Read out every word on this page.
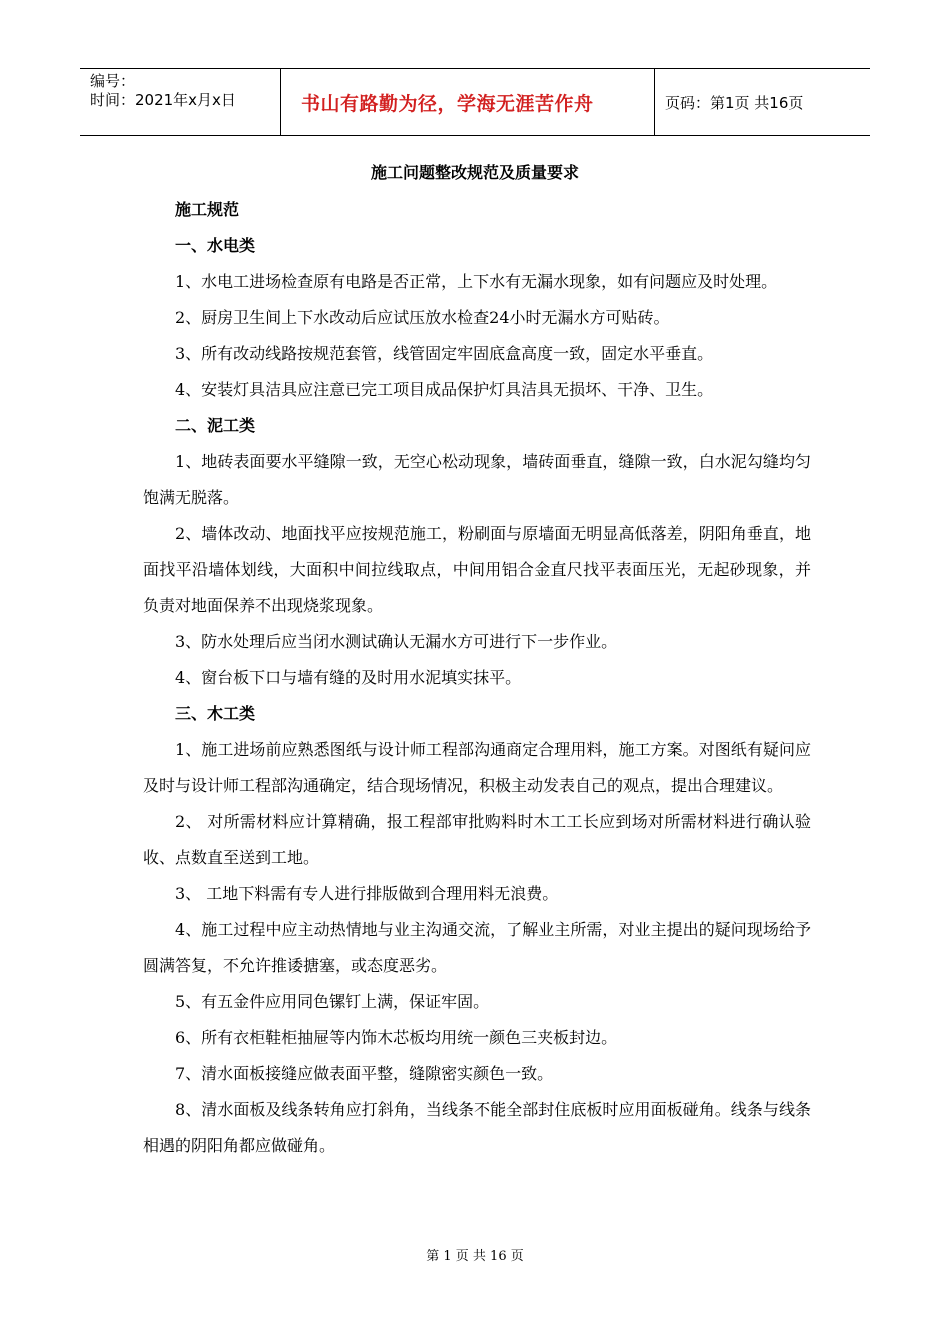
编号：
时间：2021年x月x日	书山有路勤为径，学海无涯苦作舟	页码：第1页 共16页
施工问题整改规范及质量要求

施工规范

一、水电类

1、水电工进场检查原有电路是否正常，上下水有无漏水现象，如有问题应及时处理。

2、厨房卫生间上下水改动后应试压放水检查24小时无漏水方可贴砖。

3、所有改动线路按规范套管，线管固定牢固底盒高度一致，固定水平垂直。

4、安装灯具洁具应注意已完工项目成品保护灯具洁具无损坏、干净、卫生。

二、泥工类

1、地砖表面要水平缝隙一致，无空心松动现象，墙砖面垂直，缝隙一致，白水泥勾缝均匀饱满无脱落。

2、墙体改动、地面找平应按规范施工，粉刷面与原墙面无明显高低落差，阴阳角垂直，地面找平沿墙体划线，大面积中间拉线取点，中间用铝合金直尺找平表面压光，无起砂现象，并负责对地面保养不出现烧浆现象。

3、防水处理后应当闭水测试确认无漏水方可进行下一步作业。

4、窗台板下口与墙有缝的及时用水泥填实抹平。

三、木工类

1、施工进场前应熟悉图纸与设计师工程部沟通商定合理用料，施工方案。对图纸有疑问应及时与设计师工程部沟通确定，结合现场情况，积极主动发表自己的观点，提出合理建议。

2、 对所需材料应计算精确，报工程部审批购料时木工工长应到场对所需材料进行确认验收、点数直至送到工地。

3、 工地下料需有专人进行排版做到合理用料无浪费。

4、施工过程中应主动热情地与业主沟通交流，了解业主所需，对业主提出的疑问现场给予圆满答复，不允许推诿搪塞，或态度恶劣。

5、有五金件应用同色镙钉上满，保证牢固。

6、所有衣柜鞋柜抽屉等内饰木芯板均用统一颜色三夹板封边。

7、清水面板接缝应做表面平整，缝隙密实颜色一致。

8、清水面板及线条转角应打斜角，当线条不能全部封住底板时应用面板碰角。线条与线条相遇的阴阳角都应做碰角。

第 1 页 共 16 页
